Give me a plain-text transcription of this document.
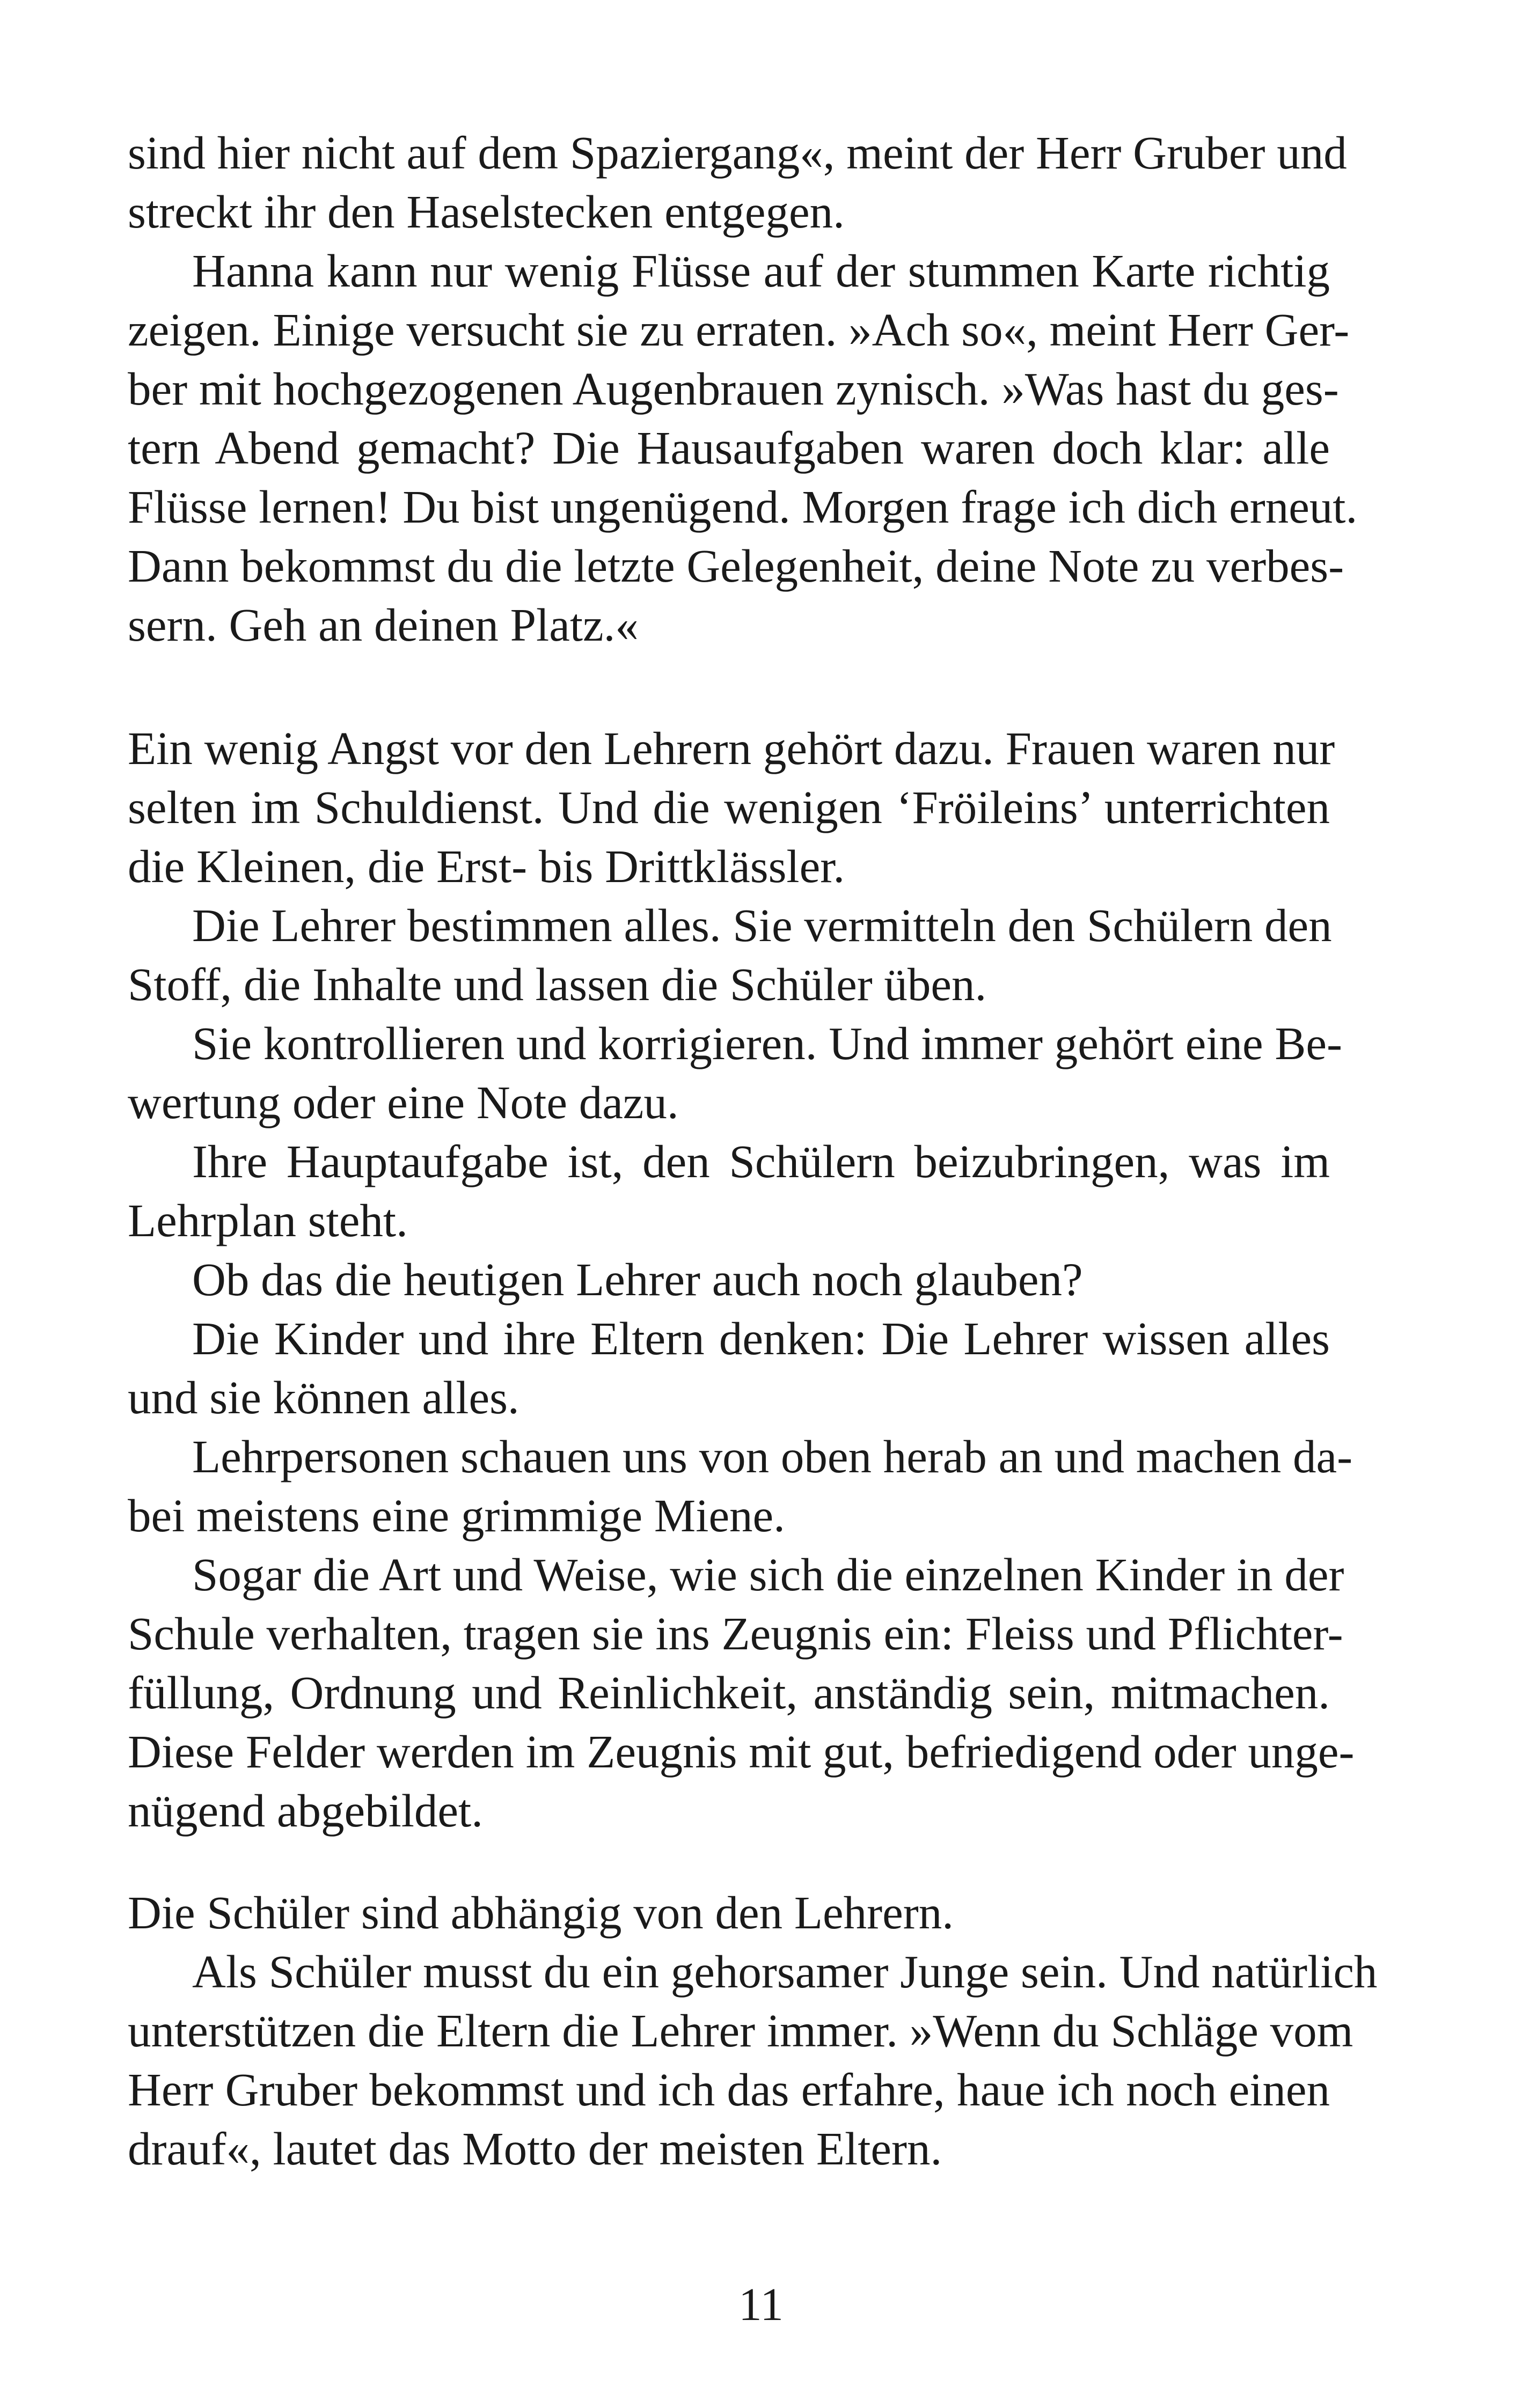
sind hier nicht auf dem Spaziergang«, meint der Herr Gruber und
streckt ihr den Haselstecken entgegen.
Hanna kann nur wenig Flüsse auf der stummen Karte richtig
zeigen. Einige versucht sie zu erraten. »Ach so«, meint Herr Ger-
ber mit hochgezogenen Augenbrauen zynisch. »Was hast du ges-
tern Abend gemacht? Die Hausaufgaben waren doch klar: alle
Flüsse lernen! Du bist ungenügend. Morgen frage ich dich erneut.
Dann bekommst du die letzte Gelegenheit, deine Note zu verbes-
sern. Geh an deinen Platz.«
Ein wenig Angst vor den Lehrern gehört dazu. Frauen waren nur
selten im Schuldienst. Und die wenigen ‘Fröileins’ unterrichten
die Kleinen, die Erst- bis Drittklässler.
Die Lehrer bestimmen alles. Sie vermitteln den Schülern den
Stoff, die Inhalte und lassen die Schüler üben.
Sie kontrollieren und korrigieren. Und immer gehört eine Be-
wertung oder eine Note dazu.
Ihre Hauptaufgabe ist, den Schülern beizubringen, was im
Lehrplan steht.
Ob das die heutigen Lehrer auch noch glauben?
Die Kinder und ihre Eltern denken: Die Lehrer wissen alles
und sie können alles.
Lehrpersonen schauen uns von oben herab an und machen da-
bei meistens eine grimmige Miene.
Sogar die Art und Weise, wie sich die einzelnen Kinder in der
Schule verhalten, tragen sie ins Zeugnis ein: Fleiss und Pflichter-
füllung, Ordnung und Reinlichkeit, anständig sein, mitmachen.
Diese Felder werden im Zeugnis mit gut, befriedigend oder unge-
nügend abgebildet.
Die Schüler sind abhängig von den Lehrern.
Als Schüler musst du ein gehorsamer Junge sein. Und natürlich
unterstützen die Eltern die Lehrer immer. »Wenn du Schläge vom
Herr Gruber bekommst und ich das erfahre, haue ich noch einen
drauf«, lautet das Motto der meisten Eltern.
11
